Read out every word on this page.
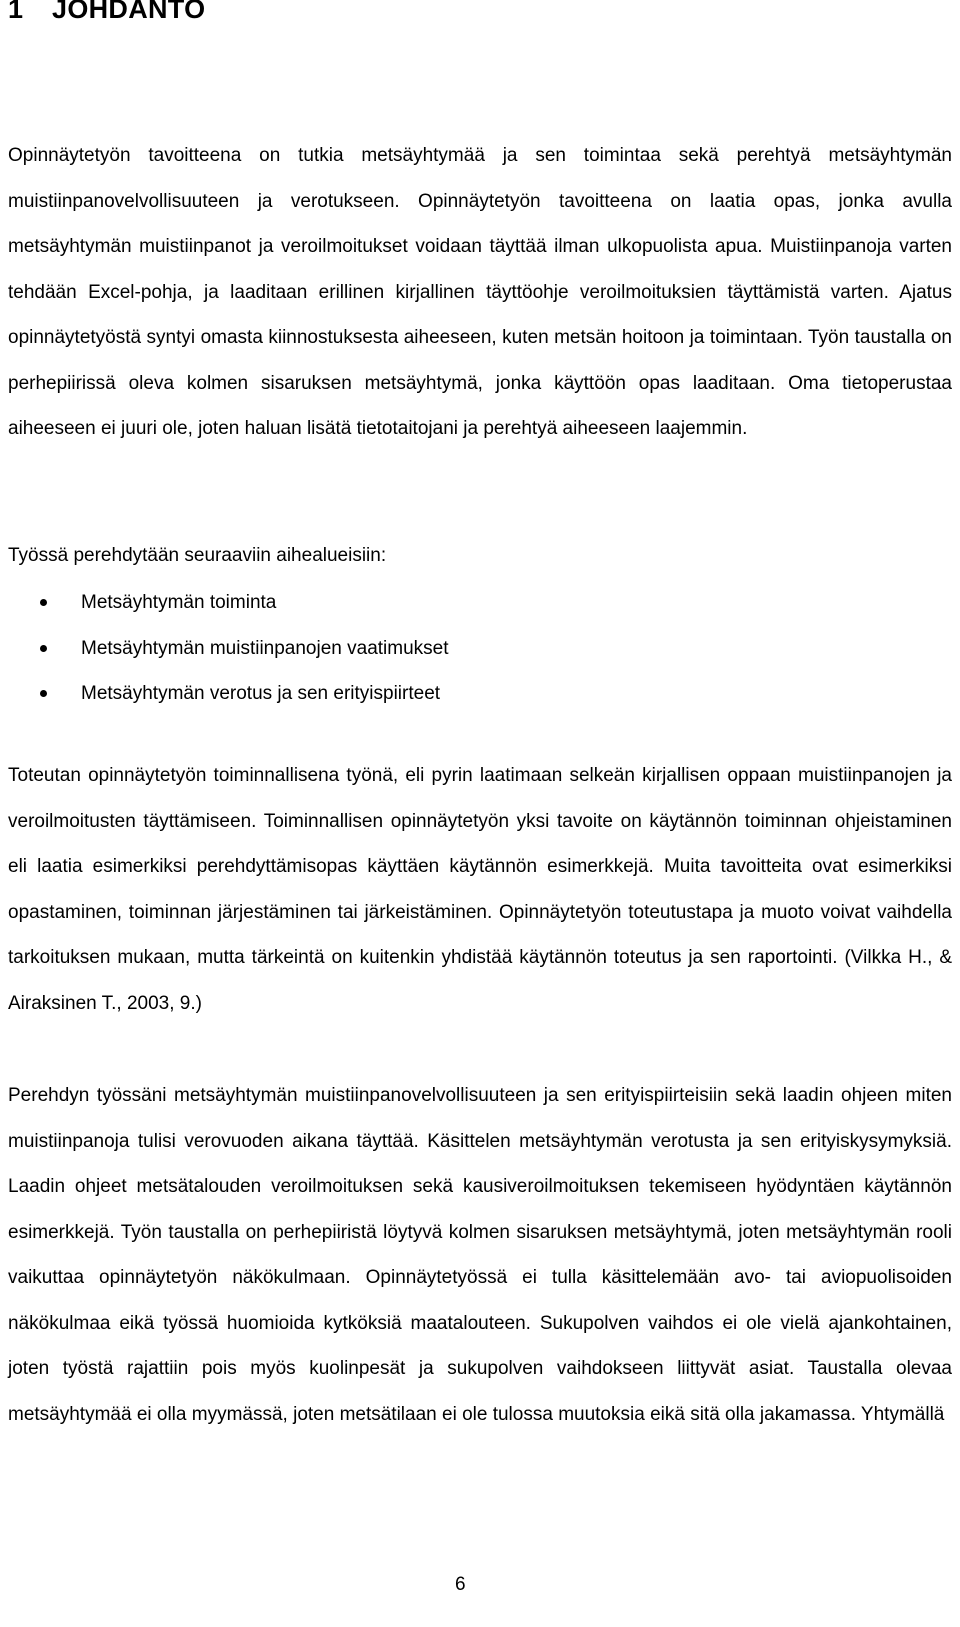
1 JOHDANTO

Opinnäytetyön tavoitteena on tutkia metsäyhtymää ja sen toimintaa sekä perehtyä metsäyhtymän muistiinpanovelvollisuuteen ja verotukseen. Opinnäytetyön tavoitteena on laatia opas, jonka avulla metsäyhtymän muistiinpanot ja veroilmoitukset voidaan täyttää ilman ulkopuolista apua. Muistiinpanoja varten tehdään Excel-pohja, ja laaditaan erillinen kirjallinen täyttöohje veroilmoituksien täyttämistä varten. Ajatus opinnäytetyöstä syntyi omasta kiinnostuksesta aiheeseen, kuten metsän hoitoon ja toimintaan. Työn taustalla on perhepiirissä oleva kolmen sisaruksen metsäyhtymä, jonka käyttöön opas laaditaan. Oma tietoperustaa aiheeseen ei juuri ole, joten haluan lisätä tietotaitojani ja perehtyä aiheeseen laajemmin.

Työssä perehdytään seuraaviin aihealueisiin:

Metsäyhtymän toiminta
Metsäyhtymän muistiinpanojen vaatimukset
Metsäyhtymän verotus ja sen erityispiirteet

Toteutan opinnäytetyön toiminnallisena työnä, eli pyrin laatimaan selkeän kirjallisen oppaan muistiinpanojen ja veroilmoitusten täyttämiseen. Toiminnallisen opinnäytetyön yksi tavoite on käytännön toiminnan ohjeistaminen eli laatia esimerkiksi perehdyttämisopas käyttäen käytännön esimerkkejä. Muita tavoitteita ovat esimerkiksi opastaminen, toiminnan järjestäminen tai järkeistäminen. Opinnäytetyön toteutustapa ja muoto voivat vaihdella tarkoituksen mukaan, mutta tärkeintä on kuitenkin yhdistää käytännön toteutus ja sen raportointi. (Vilkka H., & Airaksinen T., 2003, 9.)

Perehdyn työssäni metsäyhtymän muistiinpanovelvollisuuteen ja sen erityispiirteisiin sekä laadin ohjeen miten muistiinpanoja tulisi verovuoden aikana täyttää. Käsittelen metsäyhtymän verotusta ja sen erityiskysymyksiä. Laadin ohjeet metsätalouden veroilmoituksen sekä kausiveroilmoituksen tekemiseen hyödyntäen käytännön esimerkkejä. Työn taustalla on perhepiiristä löytyvä kolmen sisaruksen metsäyhtymä, joten metsäyhtymän rooli vaikuttaa opinnäytetyön näkökulmaan. Opinnäytetyössä ei tulla käsittelemään avo- tai aviopuolisoiden näkökulmaa eikä työssä huomioida kytköksiä maatalouteen. Sukupolven vaihdos ei ole vielä ajankohtainen, joten työstä rajattiin pois myös kuolinpesät ja sukupolven vaihdokseen liittyvät asiat. Taustalla olevaa metsäyhtymää ei olla myymässä, joten metsätilaan ei ole tulossa muutoksia eikä sitä olla jakamassa. Yhtymällä

6
